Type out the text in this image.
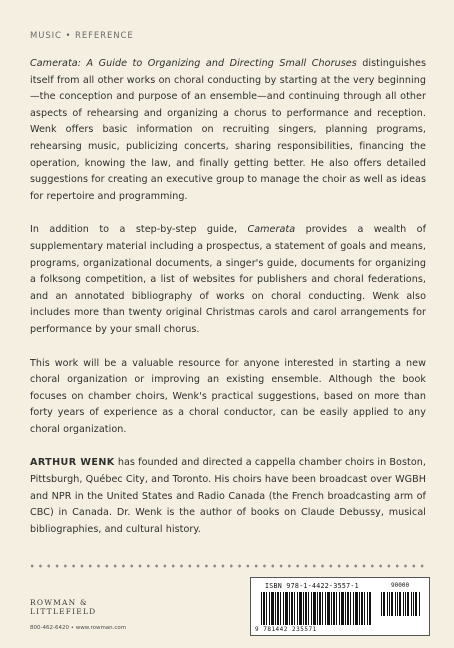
MUSIC • REFERENCE

Camerata: A Guide to Organizing and Directing Small Choruses distinguishes itself from all other works on choral conducting by starting at the very beginning—the conception and purpose of an ensemble—and continuing through all other aspects of rehearsing and organizing a chorus to performance and reception. Wenk offers basic information on recruiting singers, planning programs, rehearsing music, publicizing concerts, sharing responsibilities, financing the operation, knowing the law, and finally getting better. He also offers detailed suggestions for creating an executive group to manage the choir as well as ideas for repertoire and programming.

In addition to a step-by-step guide, Camerata provides a wealth of supplementary material including a prospectus, a statement of goals and means, programs, organizational documents, a singer's guide, documents for organizing a folksong competition, a list of websites for publishers and choral federations, and an annotated bibliography of works on choral conducting. Wenk also includes more than twenty original Christmas carols and carol arrangements for performance by your small chorus.

This work will be a valuable resource for anyone interested in starting a new choral organization or improving an existing ensemble. Although the book focuses on chamber choirs, Wenk's practical suggestions, based on more than forty years of experience as a choral conductor, can be easily applied to any choral organization.

ARTHUR WENK has founded and directed a cappella chamber choirs in Boston, Pittsburgh, Québec City, and Toronto. His choirs have been broadcast over WGBH and NPR in the United States and Radio Canada (the French broadcasting arm of CBC) in Canada. Dr. Wenk is the author of books on Claude Debussy, musical bibliographies, and cultural history.

ROWMAN &
LITTLEFIELD
800-462-6420 • www.rowman.com
ISBN 978-1-4422-3557-1	90000
9 781442 235571
